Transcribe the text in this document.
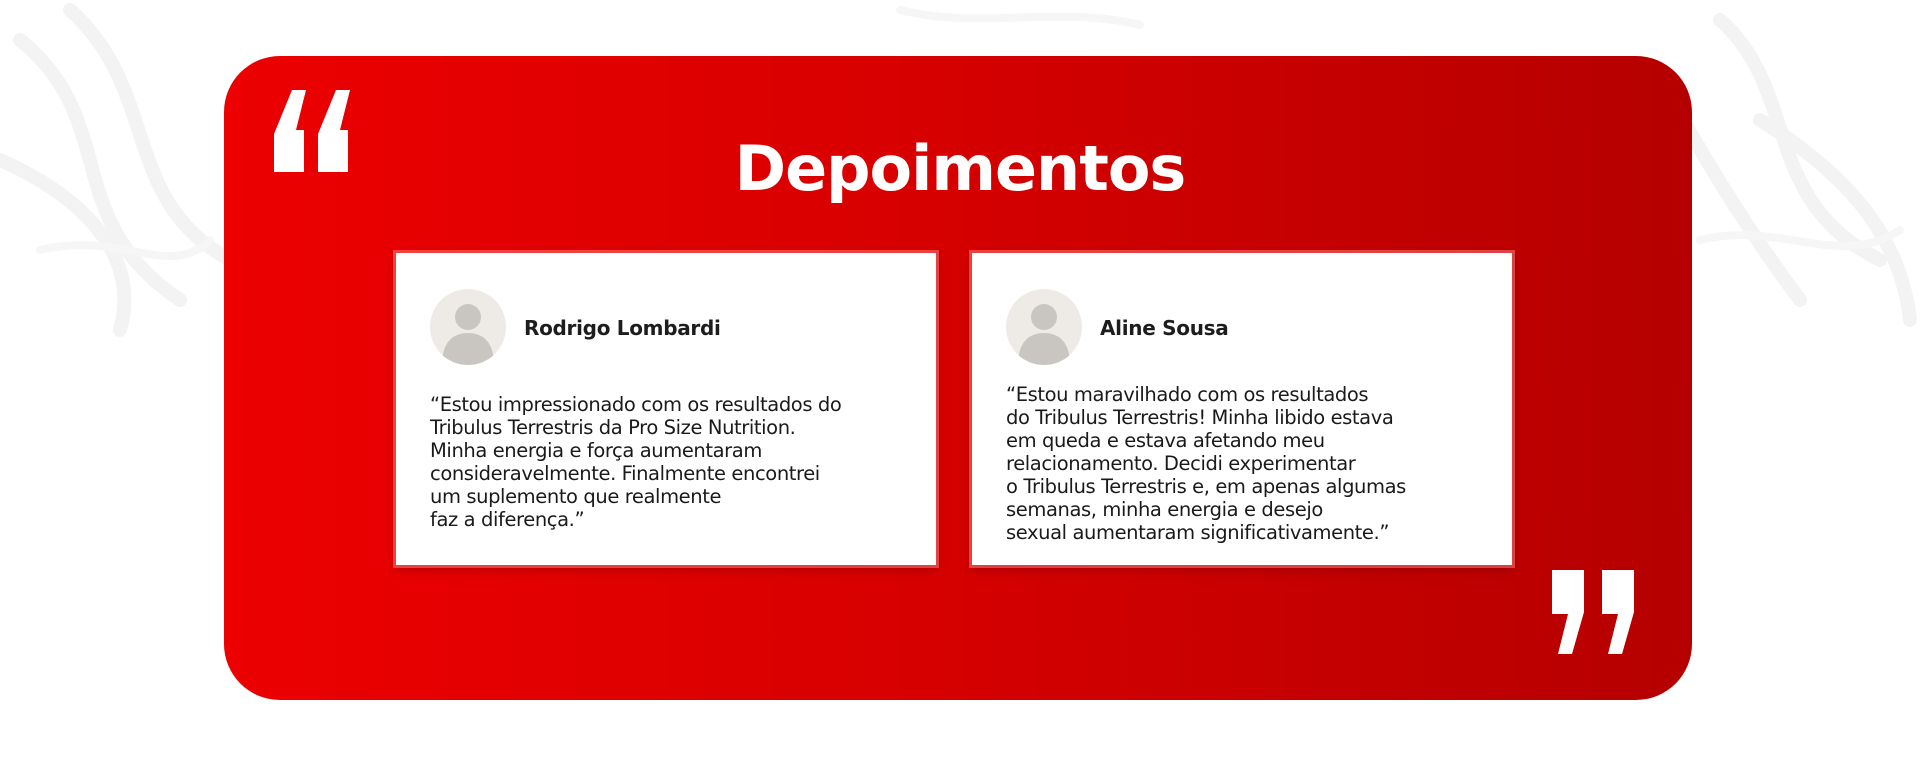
Depoimentos
Rodrigo Lombardi
“Estou impressionado com os resultados do
Tribulus Terrestris da Pro Size Nutrition.
Minha energia e força aumentaram
consideravelmente. Finalmente encontrei
um suplemento que realmente
faz a diferença.”
Aline Sousa
“Estou maravilhado com os resultados
do Tribulus Terrestris! Minha libido estava
em queda e estava afetando meu
relacionamento. Decidi experimentar
o Tribulus Terrestris e, em apenas algumas
semanas, minha energia e desejo
sexual aumentaram significativamente.”
